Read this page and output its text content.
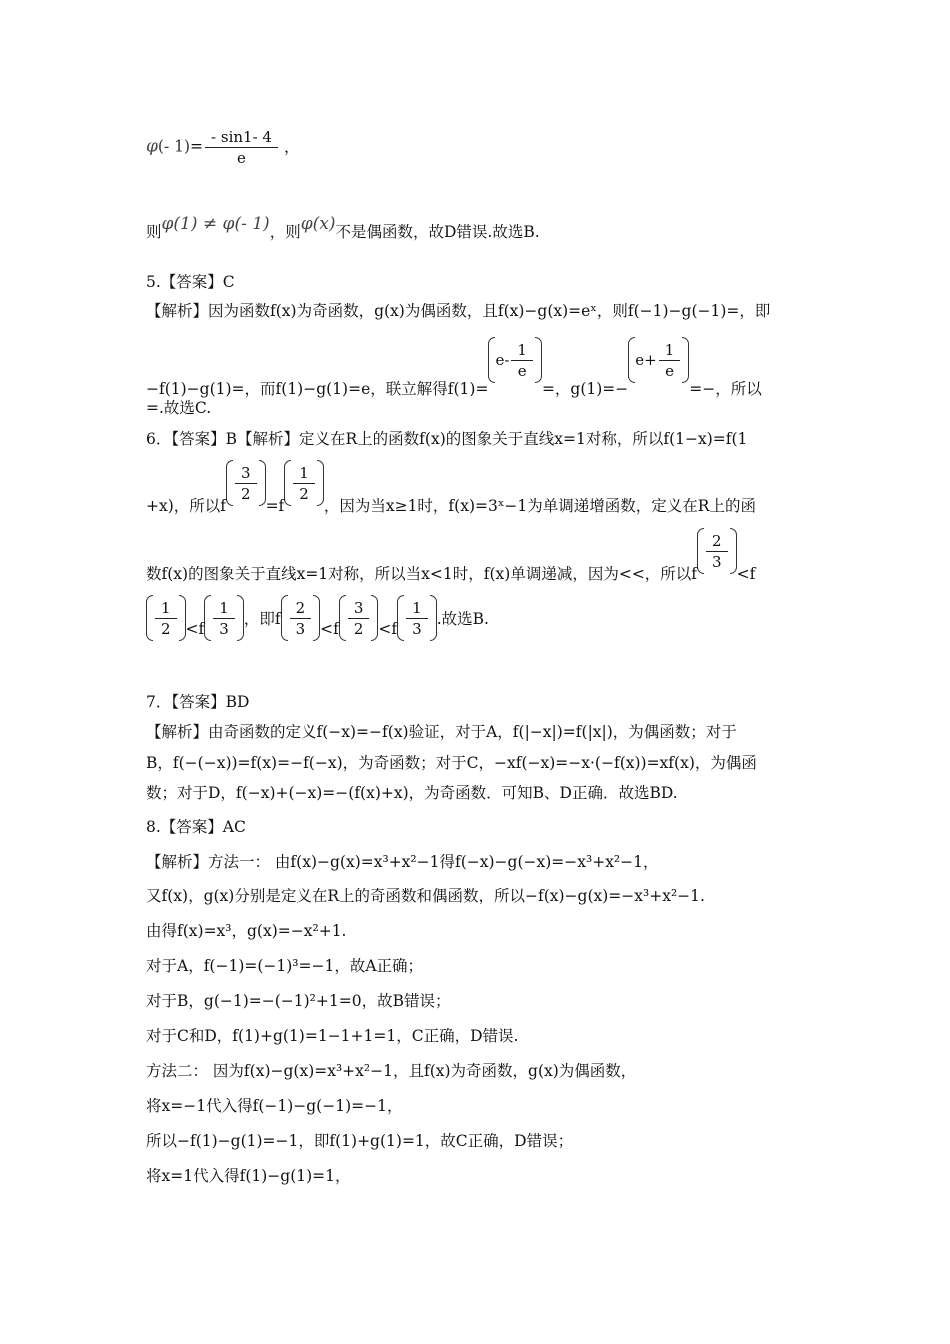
φ(- $1)= \frac{- \sin 1- 4}{e}$ ，
则φ(1) ≠ φ(- 1)，则φ(x)不是偶函数，故D错误.故选B.
5.【答案】C
【解析】因为函数f(x)为奇函数，g(x)为偶函数，且f(x)−g(x)=eˣ，则f(−1)−g(−1)=，即
−f(1)−g(1)=，而f(1)−g(1)=e，联立解得f(1)=
$e- \frac{1}{e}$
=，g(1)=−
$e+ \frac{1}{e}$
=−，所以
=.故选C.
6．【答案】B【解析】定义在R上的函数f(x)的图象关于直线x=1对称，所以f(1−x)=f(1
+x)，所以f
$\frac{3}{2}$
=f
$\frac{1}{2}$
，因为当x≥1时，f(x)=3ˣ−1为单调递增函数，定义在R上的函
数f(x)的图象关于直线x=1对称，所以当x<1时，f(x)单调递减，因为<<，所以f
$\frac{2}{3}$
<f
$\frac{1}{2} <f \frac{1}{3}$ ，即f $\frac{2}{3} <f \frac{3}{2} <f \frac{1}{3}$ .故选B.
7．【答案】BD
【解析】由奇函数的定义f(−x)=−f(x)验证，对于A，f(|−x|)=f(|x|)，为偶函数；对于
B，f(−(−x))=f(x)=−f(−x)，为奇函数；对于C，−xf(−x)=−x·(−f(x))=xf(x)，为偶函
数；对于D，f(−x)+(−x)=−(f(x)+x)，为奇函数．可知B、D正确．故选BD.
8.【答案】AC
【解析】方法一： 由f(x)−g(x)=x³+x²−1得f(−x)−g(−x)=−x³+x²−1，
又f(x)，g(x)分别是定义在R上的奇函数和偶函数，所以−f(x)−g(x)=−x³+x²−1.
由得f(x)=x³，g(x)=−x²+1.
对于A，f(−1)=(−1)³=−1，故A正确；
对于B，g(−1)=−(−1)²+1=0，故B错误；
对于C和D，f(1)+g(1)=1−1+1=1，C正确，D错误.
方法二： 因为f(x)−g(x)=x³+x²−1，且f(x)为奇函数，g(x)为偶函数，
将x=−1代入得f(−1)−g(−1)=−1，
所以−f(1)−g(1)=−1，即f(1)+g(1)=1，故C正确，D错误；
将x=1代入得f(1)−g(1)=1，
